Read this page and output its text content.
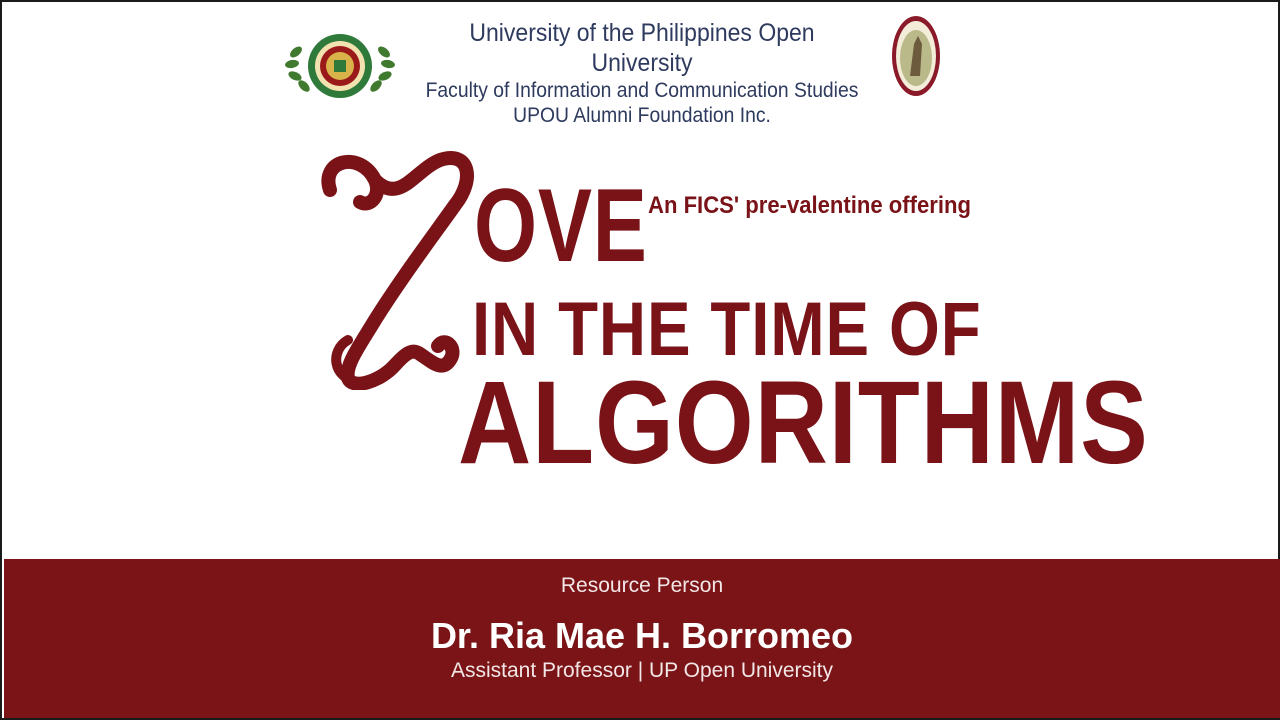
University of the Philippines Open University
Faculty of Information and Communication Studies
UPOU Alumni Foundation Inc.
An FICS' pre-valentine offering
OVE
IN THE TIME OF
ALGORITHMS
Resource Person
Dr. Ria Mae H. Borromeo
Assistant Professor | UP Open University
